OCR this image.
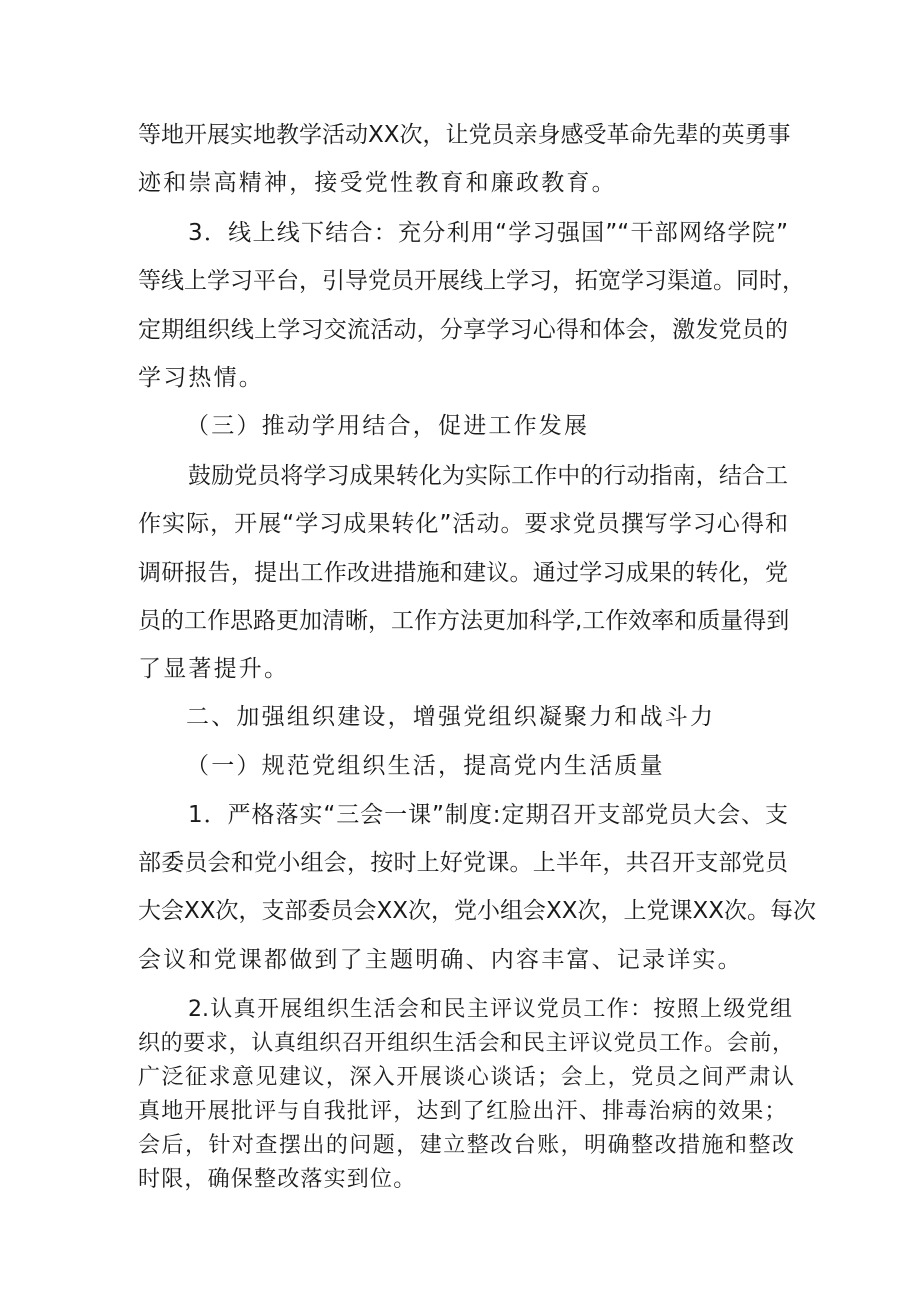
等地开展实地教学活动XX次，让党员亲身感受革命先辈的英勇事
迹和崇高精神，接受党性教育和廉政教育。
3．线上线下结合：充分利用“学习强国”“干部网络学院”
等线上学习平台，引导党员开展线上学习，拓宽学习渠道。同时，
定期组织线上学习交流活动，分享学习心得和体会，激发党员的
学习热情。
（三）推动学用结合，促进工作发展
鼓励党员将学习成果转化为实际工作中的行动指南，结合工
作实际，开展“学习成果转化”活动。要求党员撰写学习心得和
调研报告，提出工作改进措施和建议。通过学习成果的转化，党
员的工作思路更加清晰，工作方法更加科学,工作效率和质量得到
了显著提升。
二、加强组织建设，增强党组织凝聚力和战斗力
（一）规范党组织生活，提高党内生活质量
1．严格落实“三会一课”制度:定期召开支部党员大会、支
部委员会和党小组会，按时上好党课。上半年，共召开支部党员
大会XX次，支部委员会XX次，党小组会XX次，上党课XX次。每次
会议和党课都做到了主题明确、内容丰富、记录详实。
2.认真开展组织生活会和民主评议党员工作：按照上级党组
织的要求，认真组织召开组织生活会和民主评议党员工作。会前，
广泛征求意见建议，深入开展谈心谈话；会上，党员之间严肃认
真地开展批评与自我批评，达到了红脸出汗、排毒治病的效果；
会后，针对查摆出的问题，建立整改台账，明确整改措施和整改
时限，确保整改落实到位。
